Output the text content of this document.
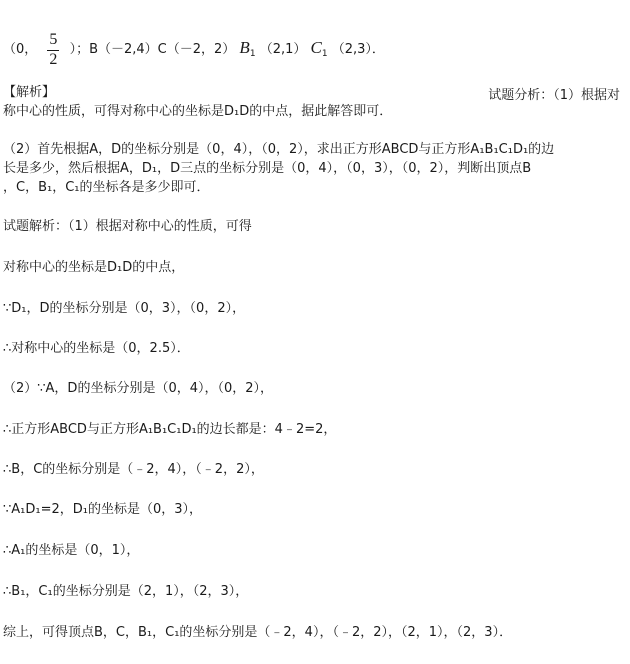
（0， $\frac{5}{2}$ ）；B（－2,4）C（－2，2） $B_1$ （2,1） $C_1$ （2,3）．
【解析】	试题分析：（1）根据对
称中心的性质，可得对称中心的坐标是D₁D的中点，据此解答即可．
（2）首先根据A，D的坐标分别是（0，4），（0，2），求出正方形ABCD与正方形A₁B₁C₁D₁的边
长是多少，然后根据A，D₁，D三点的坐标分别是（0，4），（0，3），（0，2），判断出顶点B
，C，B₁，C₁的坐标各是多少即可．
试题解析：（1）根据对称中心的性质，可得
对称中心的坐标是D₁D的中点，
∵D₁，D的坐标分别是（0，3），（0，2），
∴对称中心的坐标是（0，2.5）．
（2）∵A，D的坐标分别是（0，4），（0，2），
∴正方形ABCD与正方形A₁B₁C₁D₁的边长都是：4﹣2=2，
∴B，C的坐标分别是（﹣2，4），（﹣2，2），
∵A₁D₁=2，D₁的坐标是（0，3），
∴A₁的坐标是（0，1），
∴B₁，C₁的坐标分别是（2，1），（2，3），
综上，可得顶点B，C，B₁，C₁的坐标分别是（﹣2，4），（﹣2，2），（2，1），（2，3）．
